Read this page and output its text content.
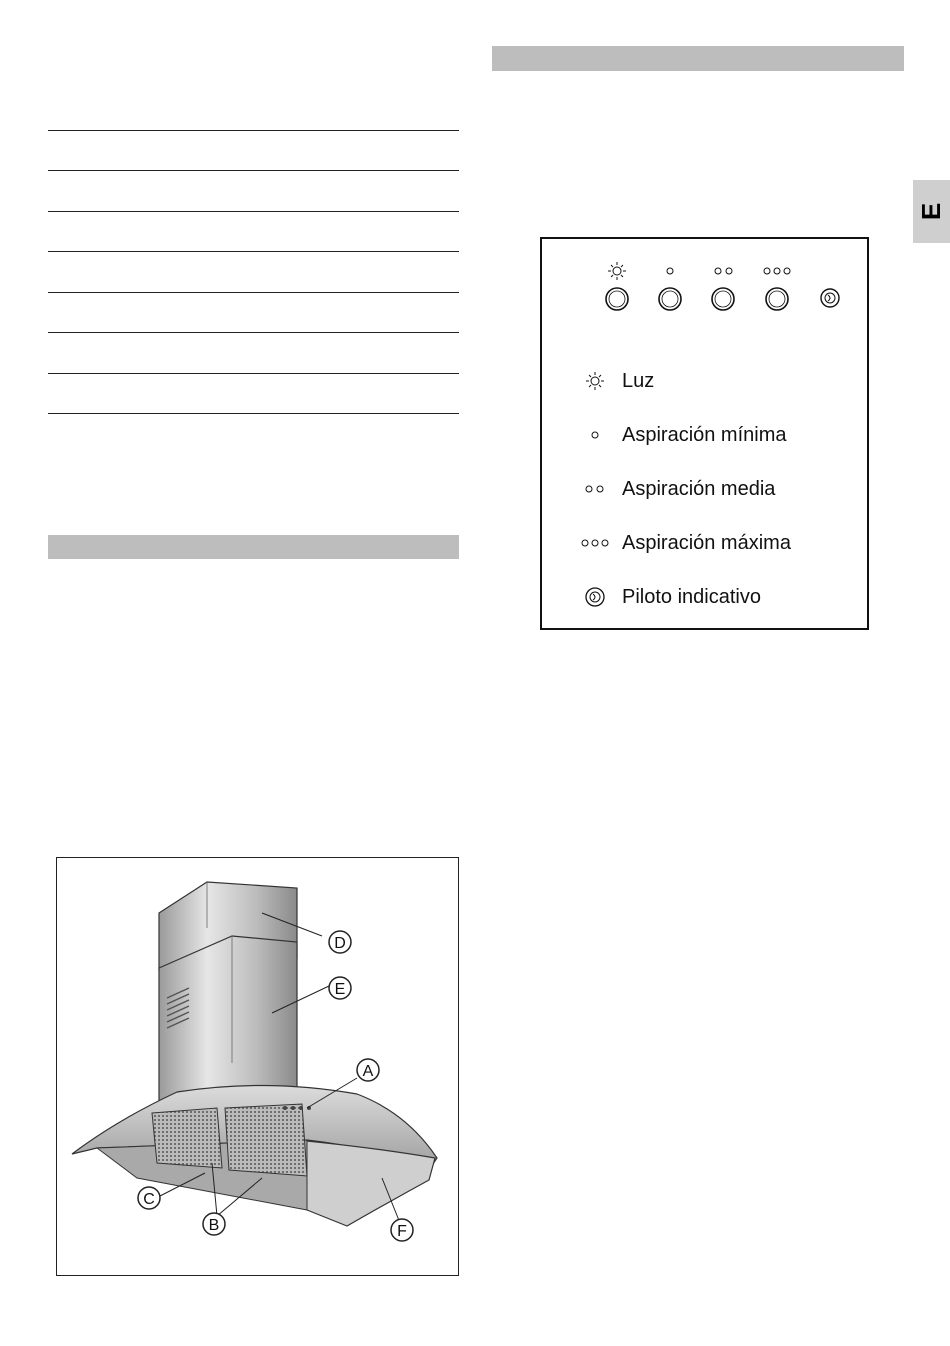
E
Luz
Aspiración mínima
Aspiración media
Aspiración máxima
Piloto indicativo
D
E
A
C
B	F
